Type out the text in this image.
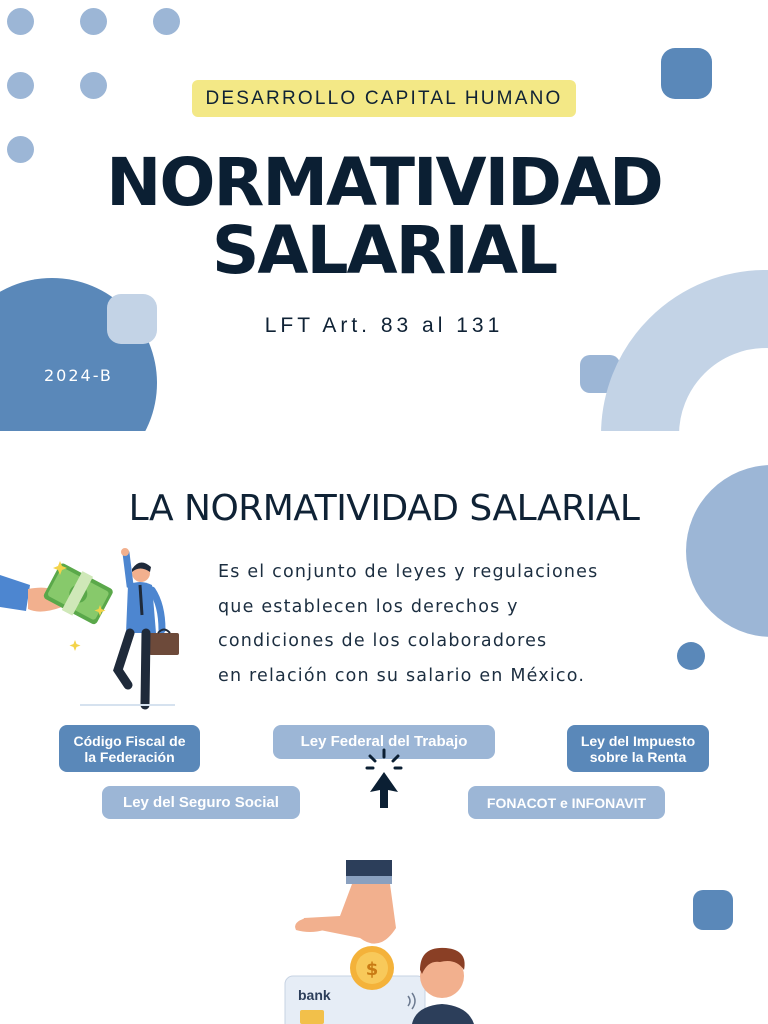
DESARROLLO CAPITAL HUMANO
NORMATIVIDAD
SALARIAL
LFT Art. 83 al 131
2024-B
LA NORMATIVIDAD SALARIAL
Es el conjunto de leyes y regulaciones
que establecen los derechos y
condiciones de los colaboradores
en relación con su salario en México.
Código Fiscal de
la Federación
Ley Federal del Trabajo	Ley del Impuesto
sobre la Renta
Ley del Seguro Social	FONACOT e INFONAVIT
bank
$
